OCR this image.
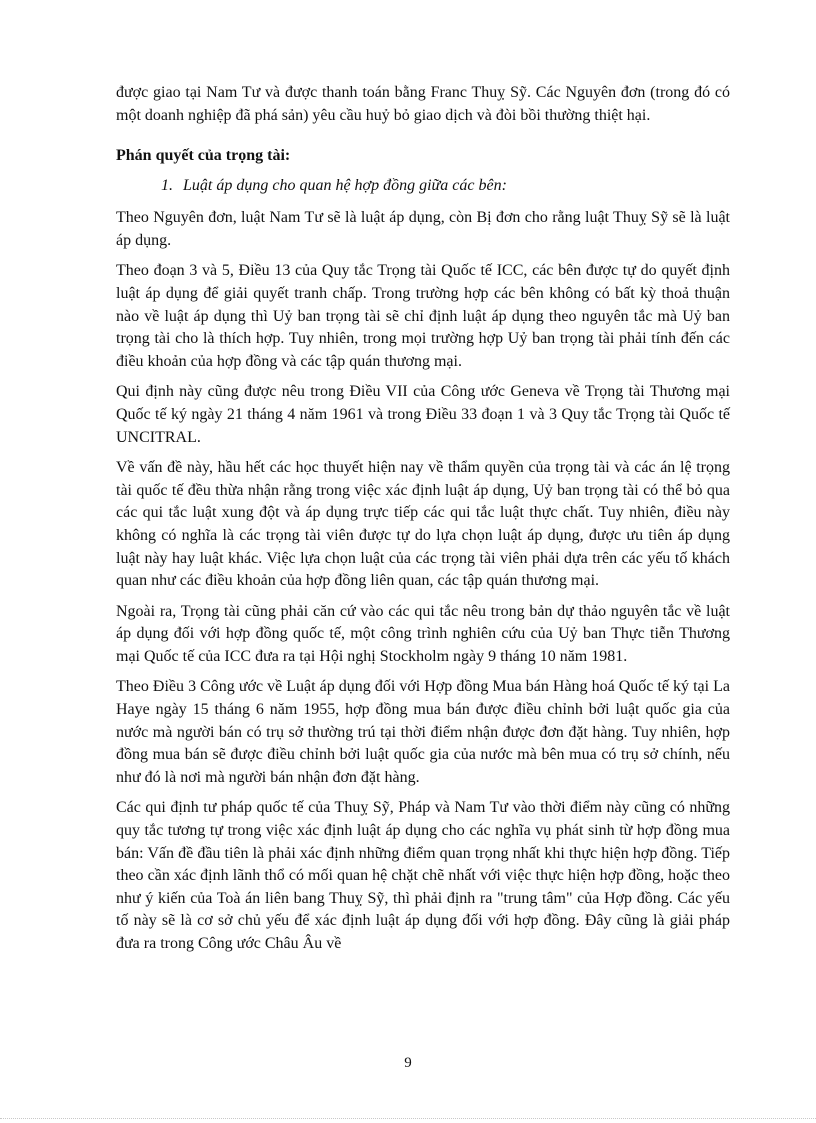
được giao tại Nam Tư và được thanh toán bằng Franc Thuỵ Sỹ. Các Nguyên đơn (trong đó có một doanh nghiệp đã phá sản) yêu cầu huỷ bỏ giao dịch và đòi bồi thường thiệt hại.

Phán quyết của trọng tài:
1. Luật áp dụng cho quan hệ hợp đồng giữa các bên:

Theo Nguyên đơn, luật Nam Tư sẽ là luật áp dụng, còn Bị đơn cho rằng luật Thuỵ Sỹ sẽ là luật áp dụng.

Theo đoạn 3 và 5, Điều 13 của Quy tắc Trọng tài Quốc tế ICC, các bên được tự do quyết định luật áp dụng để giải quyết tranh chấp. Trong trường hợp các bên không có bất kỳ thoả thuận nào về luật áp dụng thì Uỷ ban trọng tài sẽ chỉ định luật áp dụng theo nguyên tắc mà Uỷ ban trọng tài cho là thích hợp. Tuy nhiên, trong mọi trường hợp Uỷ ban trọng tài phải tính đến các điều khoản của hợp đồng và các tập quán thương mại.

Qui định này cũng được nêu trong Điều VII của Công ước Geneva về Trọng tài Thương mại Quốc tế ký ngày 21 tháng 4 năm 1961 và trong Điều 33 đoạn 1 và 3 Quy tắc Trọng tài Quốc tế UNCITRAL.

Về vấn đề này, hầu hết các học thuyết hiện nay về thẩm quyền của trọng tài và các án lệ trọng tài quốc tế đều thừa nhận rằng trong việc xác định luật áp dụng, Uỷ ban trọng tài có thể bỏ qua các qui tắc luật xung đột và áp dụng trực tiếp các qui tắc luật thực chất. Tuy nhiên, điều này không có nghĩa là các trọng tài viên được tự do lựa chọn luật áp dụng, được ưu tiên áp dụng luật này hay luật khác. Việc lựa chọn luật của các trọng tài viên phải dựa trên các yếu tố khách quan như các điều khoản của hợp đồng liên quan, các tập quán thương mại.

Ngoài ra, Trọng tài cũng phải căn cứ vào các qui tắc nêu trong bản dự thảo nguyên tắc về luật áp dụng đối với hợp đồng quốc tế, một công trình nghiên cứu của Uỷ ban Thực tiễn Thương mại Quốc tế của ICC đưa ra tại Hội nghị Stockholm ngày 9 tháng 10 năm 1981.

Theo Điều 3 Công ước về Luật áp dụng đối với Hợp đồng Mua bán Hàng hoá Quốc tế ký tại La Haye ngày 15 tháng 6 năm 1955, hợp đồng mua bán được điều chỉnh bởi luật quốc gia của nước mà người bán có trụ sở thường trú tại thời điểm nhận được đơn đặt hàng. Tuy nhiên, hợp đồng mua bán sẽ được điều chỉnh bởi luật quốc gia của nước mà bên mua có trụ sở chính, nếu như đó là nơi mà người bán nhận đơn đặt hàng.

Các qui định tư pháp quốc tế của Thuỵ Sỹ, Pháp và Nam Tư vào thời điểm này cũng có những quy tắc tương tự trong việc xác định luật áp dụng cho các nghĩa vụ phát sinh từ hợp đồng mua bán: Vấn đề đầu tiên là phải xác định những điểm quan trọng nhất khi thực hiện hợp đồng. Tiếp theo cần xác định lãnh thổ có mối quan hệ chặt chẽ nhất với việc thực hiện hợp đồng, hoặc theo như ý kiến của Toà án liên bang Thuỵ Sỹ, thì phải định ra "trung tâm" của Hợp đồng. Các yếu tố này sẽ là cơ sở chủ yếu để xác định luật áp dụng đối với hợp đồng. Đây cũng là giải pháp đưa ra trong Công ước Châu Âu về

9
